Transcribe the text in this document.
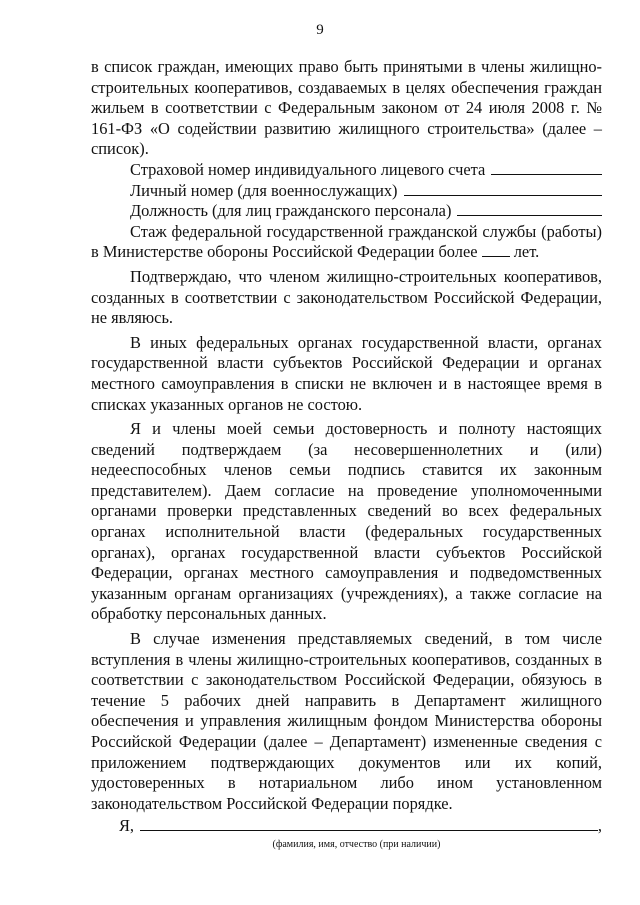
9

в список граждан, имеющих право быть принятыми в члены жилищно-строительных кооперативов, создаваемых в целях обеспечения граждан жильем в соответствии с Федеральным законом от 24 июля 2008 г. № 161-ФЗ «О содействии развитию жилищного строительства» (далее – список).

Страховой номер индивидуального лицевого счета
Личный номер (для военнослужащих)
Должность (для лиц гражданского персонала)

Стаж федеральной государственной гражданской службы (работы) в Министерстве обороны Российской Федерации более лет.

Подтверждаю, что членом жилищно-строительных кооперативов, созданных в соответствии с законодательством Российской Федерации, не являюсь.

В иных федеральных органах государственной власти, органах государственной власти субъектов Российской Федерации и органах местного самоуправления в списки не включен и в настоящее время в списках указанных органов не состою.

Я и члены моей семьи достоверность и полноту настоящих сведений подтверждаем (за несовершеннолетних и (или) недееспособных членов семьи подпись ставится их законным представителем). Даем согласие на проведение уполномоченными органами проверки представленных сведений во всех федеральных органах исполнительной власти (федеральных государственных органах), органах государственной власти субъектов Российской Федерации, органах местного самоуправления и подведомственных указанным органам организациях (учреждениях), а также согласие на обработку персональных данных.

В случае изменения представляемых сведений, в том числе вступления в члены жилищно-строительных кооперативов, созданных в соответствии с законодательством Российской Федерации, обязуюсь в течение 5 рабочих дней направить в Департамент жилищного обеспечения и управления жилищным фондом Министерства обороны Российской Федерации (далее – Департамент) измененные сведения с приложением подтверждающих документов или их копий, удостоверенных в нотариальном либо ином установленном законодательством Российской Федерации порядке.

Я,	,
(фамилия, имя, отчество (при наличии)
